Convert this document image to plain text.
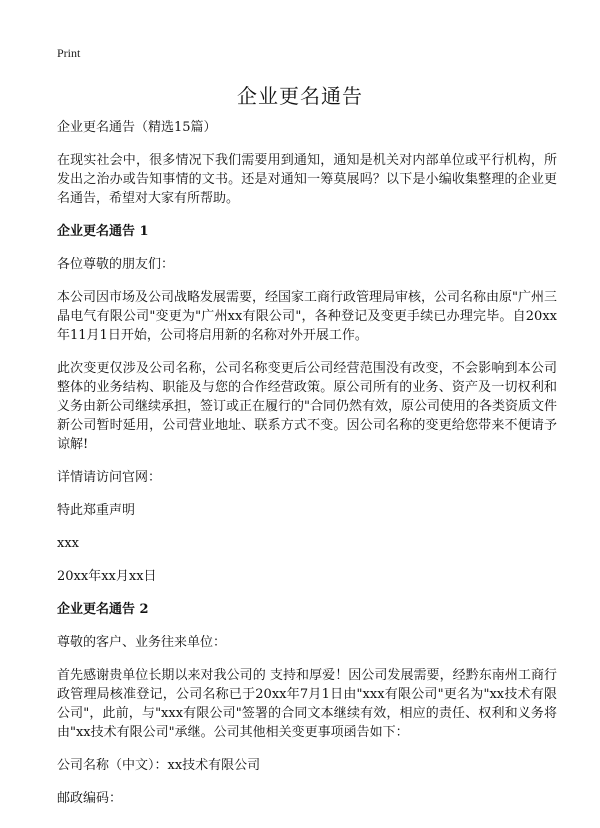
Print
企业更名通告

企业更名通告（精选15篇）

在现实社会中，很多情况下我们需要用到通知，通知是机关对内部单位或平行机构，所发出之治办或告知事情的文书。还是对通知一筹莫展吗？以下是小编收集整理的企业更名通告，希望对大家有所帮助。

企业更名通告 1

各位尊敬的朋友们：

本公司因市场及公司战略发展需要，经国家工商行政管理局审核，公司名称由原"广州三晶电气有限公司"变更为"广州xx有限公司"，各种登记及变更手续已办理完毕。自20xx年11月1日开始，公司将启用新的名称对外开展工作。

此次变更仅涉及公司名称，公司名称变更后公司经营范围没有改变，不会影响到本公司整体的业务结构、职能及与您的合作经营政策。原公司所有的业务、资产及一切权利和义务由新公司继续承担，签订或正在履行的"合同仍然有效，原公司使用的各类资质文件新公司暂时延用，公司营业地址、联系方式不变。因公司名称的变更给您带来不便请予谅解!

详情请访问官网：

特此郑重声明

xxx

20xx年xx月xx日

企业更名通告 2

尊敬的客户、业务往来单位：

首先感谢贵单位长期以来对我公司的 支持和厚爱！因公司发展需要，经黔东南州工商行政管理局核准登记，公司名称已于20xx年7月1日由"xxx有限公司"更名为"xx技术有限公司"，此前，与"xxx有限公司"签署的合同文本继续有效，相应的责任、权利和义务将由"xx技术有限公司"承继。公司其他相关变更事项函告如下：

公司名称（中文）：xx技术有限公司

邮政编码：
